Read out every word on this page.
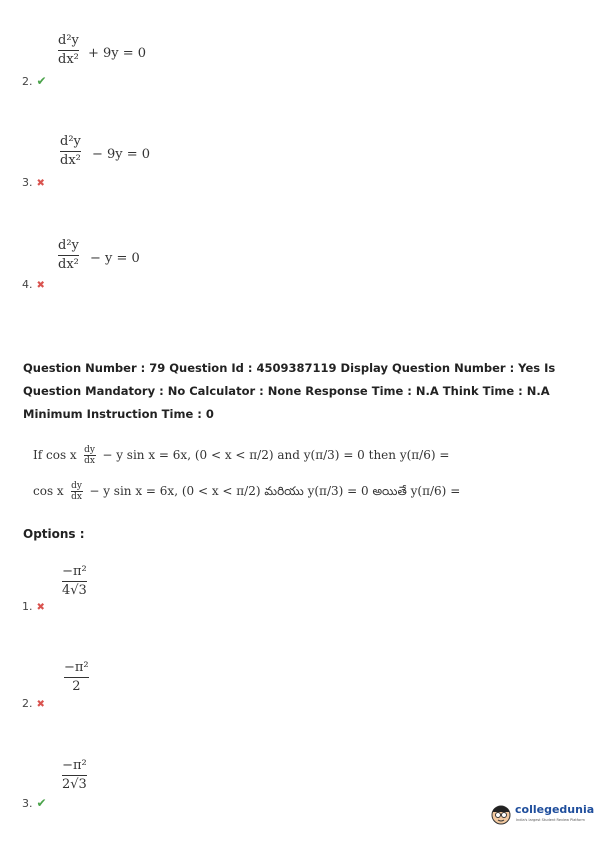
d²y
dx² + 9y = 0
2. ✔
d²y
dx² − 9y = 0
3. ✖
d²y
dx² − y = 0
4. ✖
Question Number : 79 Question Id : 4509387119 Display Question Number : Yes Is Question Mandatory : No Calculator : None Response Time : N.A Think Time : N.A Minimum Instruction Time : 0
If cos x $\frac{dy}{dx} - y$ sin x = 6x, (0 < x < π/2) and y(π/3) = 0 then y(π/6) =
cos x $\frac{dy}{dx} - y$ sin x = 6x, (0 < x < π/2) మరియు y(π/3) = 0 అయితే y(π/6) =
Options :
−π²
4√3
1. ✖
−π²
2
2. ✖
−π²
2√3
3. ✔	collegedunia
India's largest Student Review Platform
